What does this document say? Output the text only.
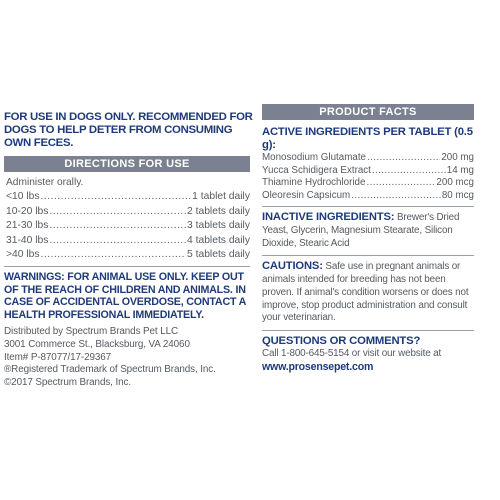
FOR USE IN DOGS ONLY. RECOMMENDED FOR DOGS TO HELP DETER FROM CONSUMING OWN FECES.
DIRECTIONS FOR USE
Administer orally.
<10 lbs .....	1 tablet daily
10-20 lbs .....	2 tablets daily
21-30 lbs .....	3 tablets daily
31-40 lbs .....	4 tablets daily
>40 lbs .....	5 tablets daily
WARNINGS: FOR ANIMAL USE ONLY. KEEP OUT OF THE REACH OF CHILDREN AND ANIMALS. IN CASE OF ACCIDENTAL OVERDOSE, CONTACT A HEALTH PROFESSIONAL IMMEDIATELY.
Distributed by Spectrum Brands Pet LLC
3001 Commerce St., Blacksburg, VA 24060
Item# P-87077/17-29367
®Registered Trademark of Spectrum Brands, Inc.
©2017 Spectrum Brands, Inc.
PRODUCT FACTS
ACTIVE INGREDIENTS PER TABLET (0.5 g):
Monosodium Glutamate .....	200 mg
Yucca Schidigera Extract .....	14 mg
Thiamine Hydrochloride .....	200 mcg
Oleoresin Capsicum .....	80 mcg
INACTIVE INGREDIENTS: Brewer's Dried Yeast, Glycerin, Magnesium Stearate, Silicon Dioxide, Stearic Acid
CAUTIONS: Safe use in pregnant animals or animals intended for breeding has not been proven. If animal's condition worsens or does not improve, stop product administration and consult your veterinarian.
QUESTIONS OR COMMENTS?
Call 1-800-645-5154 or visit our website at
www.prosensepet.com
